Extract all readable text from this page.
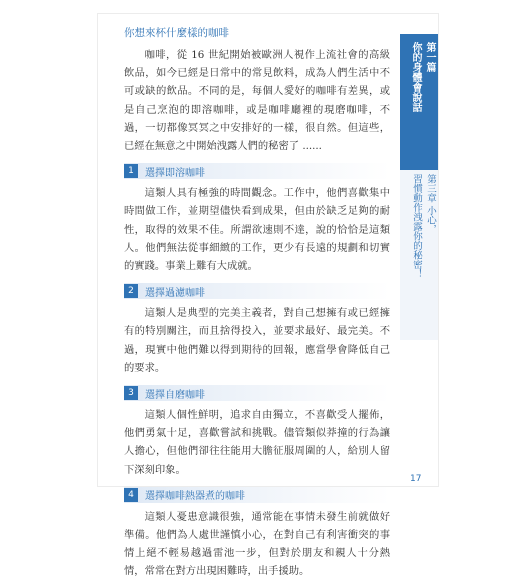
第一篇
你的身體會說話
第三章 小心，
習慣動作洩露你的秘密！
你想來杯什麼樣的咖啡

咖啡，從 16 世紀開始被歐洲人視作上流社會的高級飲品，如今已經是日常中的常見飲料，成為人們生活中不可或缺的飲品。不同的是，每個人愛好的咖啡有差異，或是自己烹泡的即溶咖啡，或是咖啡廳裡的現磨咖啡，不過，一切都像冥冥之中安排好的一樣，很自然。但這些，已經在無意之中開始洩露人們的秘密了 ......

1	選擇即溶咖啡

這類人具有極強的時間觀念。工作中，他們喜歡集中時間做工作，並期望儘快看到成果，但由於缺乏足夠的耐性，取得的效果不佳。所謂欲速則不達，說的恰恰是這類人。他們無法從事細緻的工作，更少有長遠的規劃和切實的實踐。事業上難有大成就。

2	選擇過濾咖啡

這類人是典型的完美主義者，對自己想擁有或已經擁有的特別關注，而且捨得投入，並要求最好、最完美。不過，現實中他們難以得到期待的回報，應當學會降低自己的要求。

3	選擇自磨咖啡

這類人個性鮮明，追求自由獨立，不喜歡受人擺佈，他們勇氣十足，喜歡嘗試和挑戰。儘管類似莽撞的行為讓人擔心，但他們卻往往能用大膽征服周圍的人，給別人留下深刻印象。

4	選擇咖啡熱器煮的咖啡

這類人憂患意識很強，通常能在事情未發生前就做好準備。他們為人處世謹慎小心，在對自己有利害衝突的事情上絕不輕易越過雷池一步，但對於朋友和親人十分熱情，常常在對方出現困難時，出手援助。

17
